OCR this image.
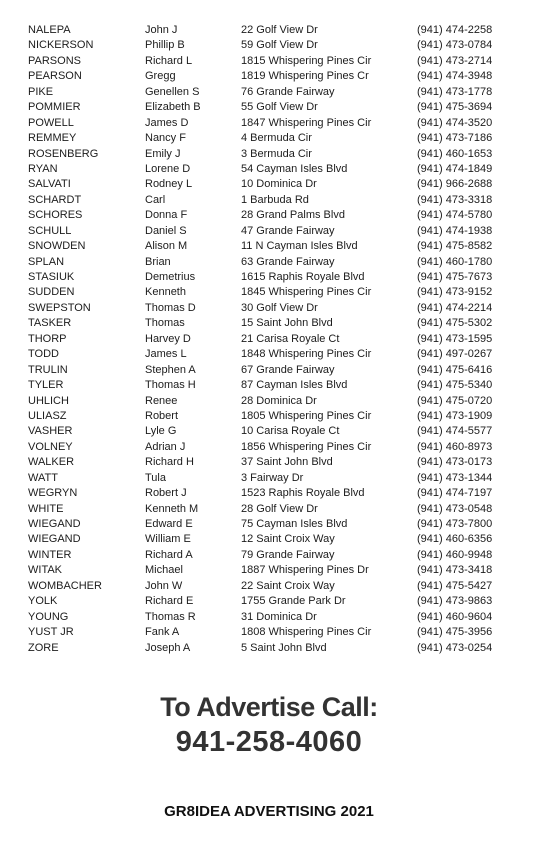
NALEPA	John J	22 Golf View Dr	(941) 474-2258
NICKERSON	Phillip B	59 Golf View Dr	(941) 473-0784
PARSONS	Richard L	1815 Whispering Pines Cir	(941) 473-2714
PEARSON	Gregg	1819 Whispering Pines Cr	(941) 474-3948
PIKE	Genellen S	76 Grande Fairway	(941) 473-1778
POMMIER	Elizabeth B	55 Golf View Dr	(941) 475-3694
POWELL	James D	1847 Whispering Pines Cir	(941) 474-3520
REMMEY	Nancy F	4 Bermuda Cir	(941) 473-7186
ROSENBERG	Emily J	3 Bermuda Cir	(941) 460-1653
RYAN	Lorene D	54 Cayman Isles Blvd	(941) 474-1849
SALVATI	Rodney L	10 Dominica Dr	(941) 966-2688
SCHARDT	Carl	1 Barbuda Rd	(941) 473-3318
SCHORES	Donna F	28 Grand Palms Blvd	(941) 474-5780
SCHULL	Daniel S	47 Grande Fairway	(941) 474-1938
SNOWDEN	Alison M	11 N Cayman Isles Blvd	(941) 475-8582
SPLAN	Brian	63 Grande Fairway	(941) 460-1780
STASIUK	Demetrius	1615 Raphis Royale Blvd	(941) 475-7673
SUDDEN	Kenneth	1845 Whispering Pines Cir	(941) 473-9152
SWEPSTON	Thomas D	30 Golf View Dr	(941) 474-2214
TASKER	Thomas	15 Saint John Blvd	(941) 475-5302
THORP	Harvey D	21 Carisa Royale Ct	(941) 473-1595
TODD	James L	1848 Whispering Pines Cir	(941) 497-0267
TRULIN	Stephen A	67 Grande Fairway	(941) 475-6416
TYLER	Thomas H	87 Cayman Isles Blvd	(941) 475-5340
UHLICH	Renee	28 Dominica Dr	(941) 475-0720
ULIASZ	Robert	1805 Whispering Pines Cir	(941) 473-1909
VASHER	Lyle G	10 Carisa Royale Ct	(941) 474-5577
VOLNEY	Adrian J	1856 Whispering Pines Cir	(941) 460-8973
WALKER	Richard H	37 Saint John Blvd	(941) 473-0173
WATT	Tula	3 Fairway Dr	(941) 473-1344
WEGRYN	Robert J	1523 Raphis Royale Blvd	(941) 474-7197
WHITE	Kenneth M	28 Golf View Dr	(941) 473-0548
WIEGAND	Edward E	75 Cayman Isles Blvd	(941) 473-7800
WIEGAND	William E	12 Saint Croix Way	(941) 460-6356
WINTER	Richard A	79 Grande Fairway	(941) 460-9948
WITAK	Michael	1887 Whispering Pines Dr	(941) 473-3418
WOMBACHER	John W	22 Saint Croix Way	(941) 475-5427
YOLK	Richard E	1755 Grande Park Dr	(941) 473-9863
YOUNG	Thomas R	31 Dominica Dr	(941) 460-9604
YUST JR	Fank A	1808 Whispering Pines Cir	(941) 475-3956
ZORE	Joseph A	5 Saint John Blvd	(941) 473-0254
To Advertise Call:
941-258-4060
GR8IDEA ADVERTISING 2021
